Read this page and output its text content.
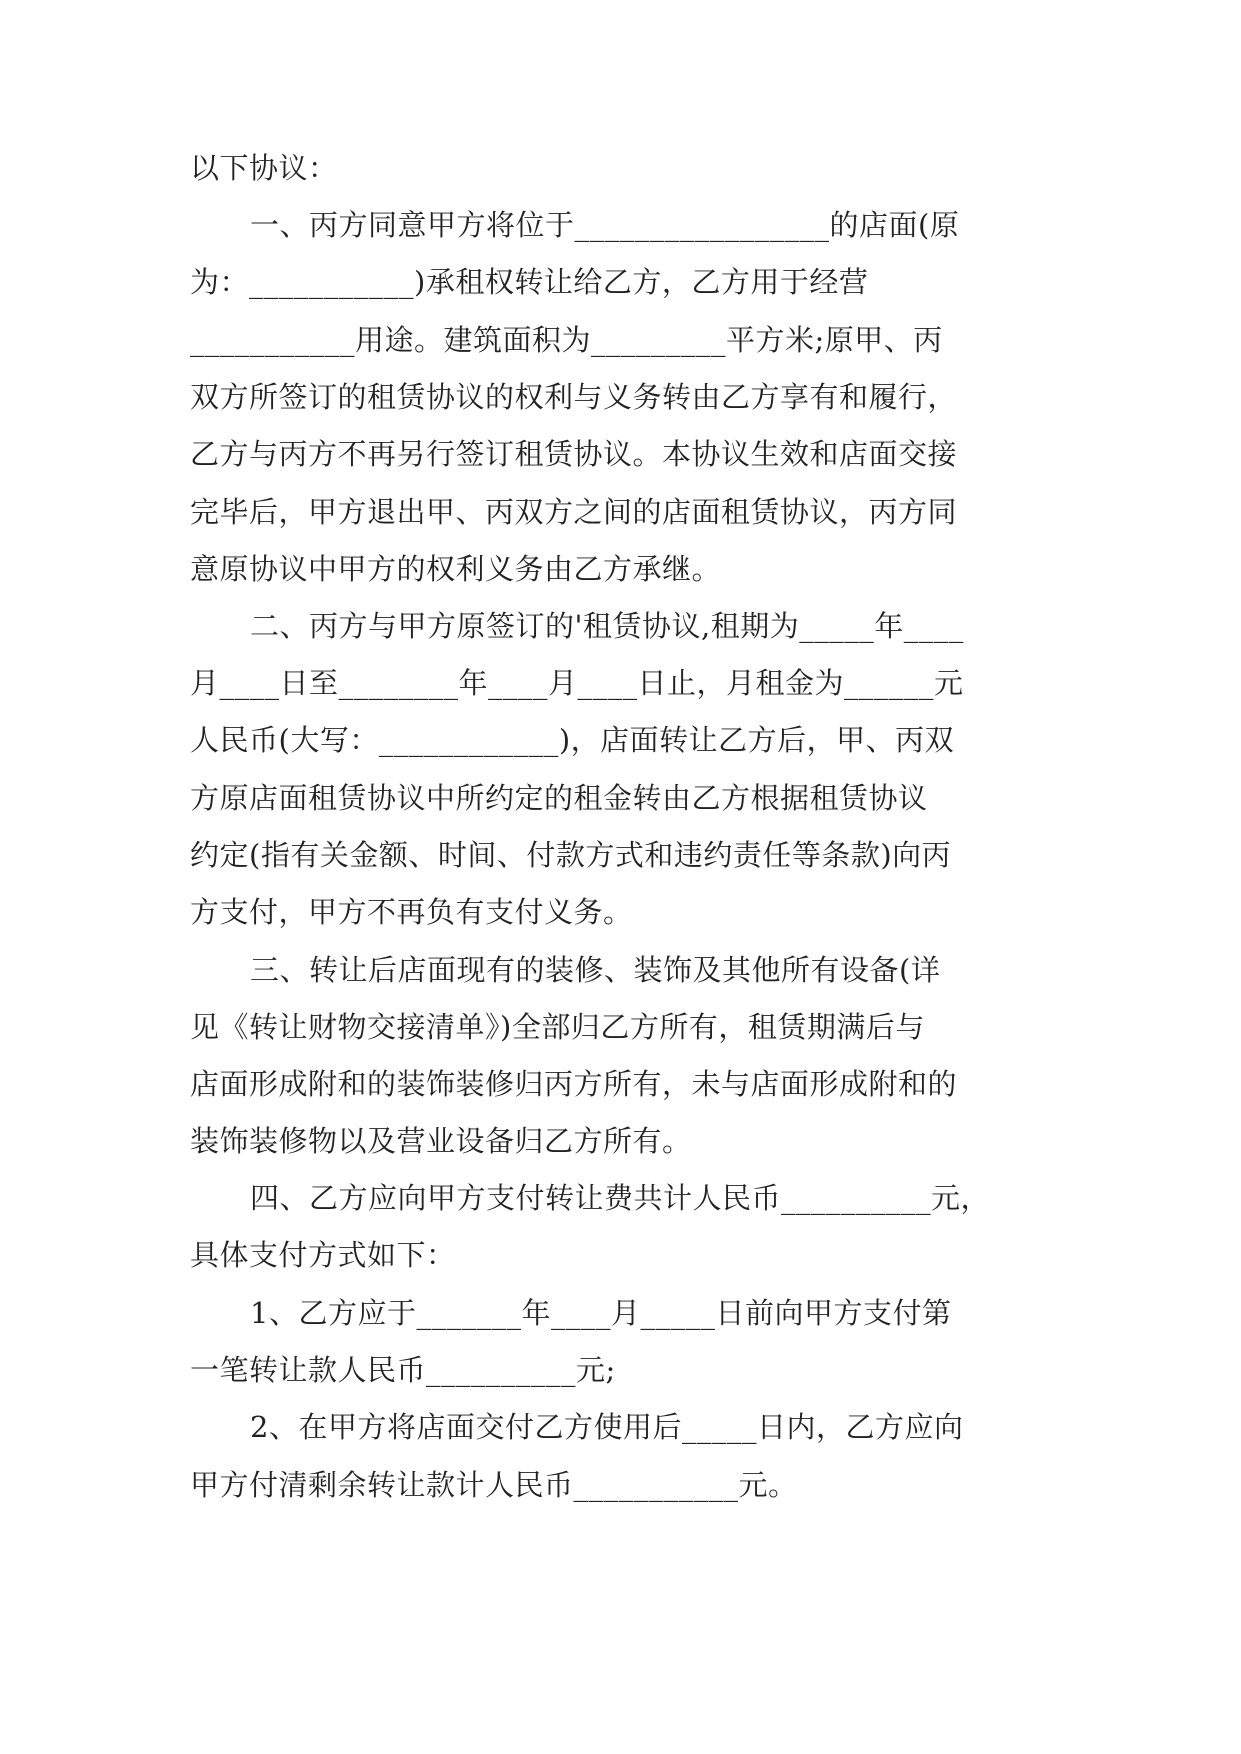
以下协议：
一、丙方同意甲方将位于_________________的店面(原
为：___________)承租权转让给乙方，乙方用于经营
___________用途。建筑面积为_________平方米;原甲、丙
双方所签订的租赁协议的权利与义务转由乙方享有和履行，
乙方与丙方不再另行签订租赁协议。本协议生效和店面交接
完毕后，甲方退出甲、丙双方之间的店面租赁协议，丙方同
意原协议中甲方的权利义务由乙方承继。
二、丙方与甲方原签订的'租赁协议,租期为_____年____
月____日至________年____月____日止，月租金为______元
人民币(大写：____________)，店面转让乙方后，甲、丙双
方原店面租赁协议中所约定的租金转由乙方根据租赁协议
约定(指有关金额、时间、付款方式和违约责任等条款)向丙
方支付，甲方不再负有支付义务。
三、转让后店面现有的装修、装饰及其他所有设备(详
见《转让财物交接清单》)全部归乙方所有，租赁期满后与
店面形成附和的装饰装修归丙方所有，未与店面形成附和的
装饰装修物以及营业设备归乙方所有。
四、乙方应向甲方支付转让费共计人民币__________元，
具体支付方式如下：
1、乙方应于_______年____月_____日前向甲方支付第
一笔转让款人民币__________元;
2、在甲方将店面交付乙方使用后_____日内，乙方应向
甲方付清剩余转让款计人民币___________元。
